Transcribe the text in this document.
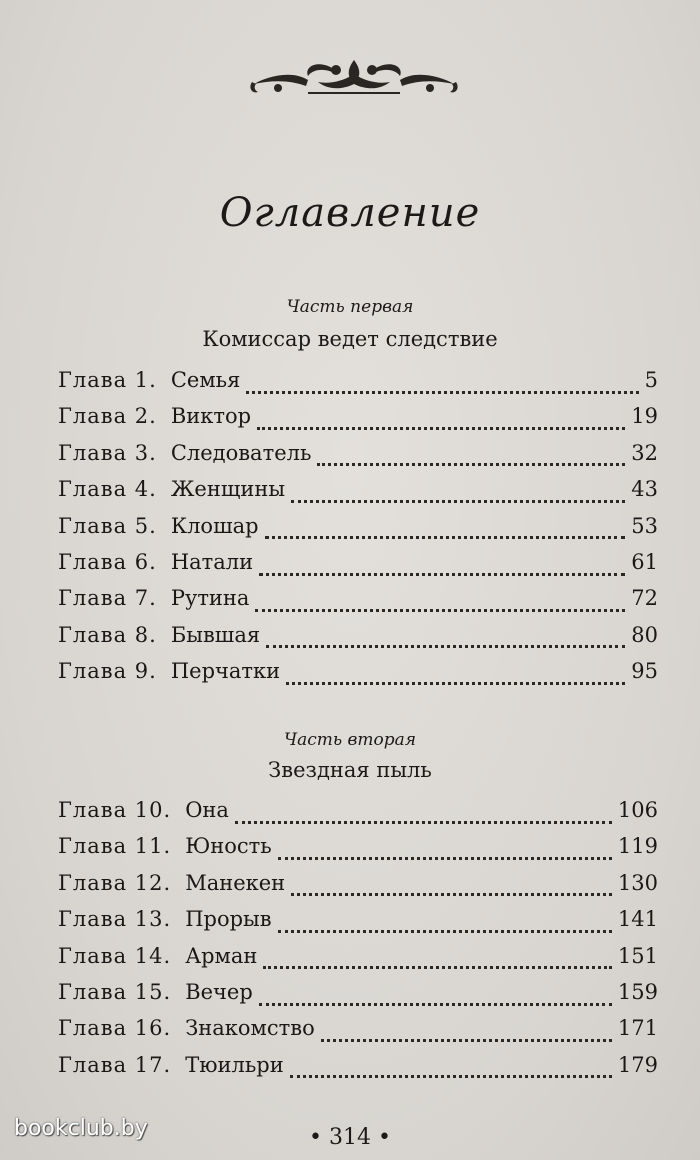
Оглавление
Часть первая
Комиссар ведет следствие
Глава 1. Семья	5
Глава 2. Виктор	19
Глава 3. Следователь	32
Глава 4. Женщины	43
Глава 5. Клошар	53
Глава 6. Натали	61
Глава 7. Рутина	72
Глава 8. Бывшая	80
Глава 9. Перчатки	95
Часть вторая
Звездная пыль
Глава 10. Она	106
Глава 11. Юность	119
Глава 12. Манекен	130
Глава 13. Прорыв	141
Глава 14. Арман	151
Глава 15. Вечер	159
Глава 16. Знакомство	171
Глава 17. Тюильри	179
• 314 •
bookclub.by
